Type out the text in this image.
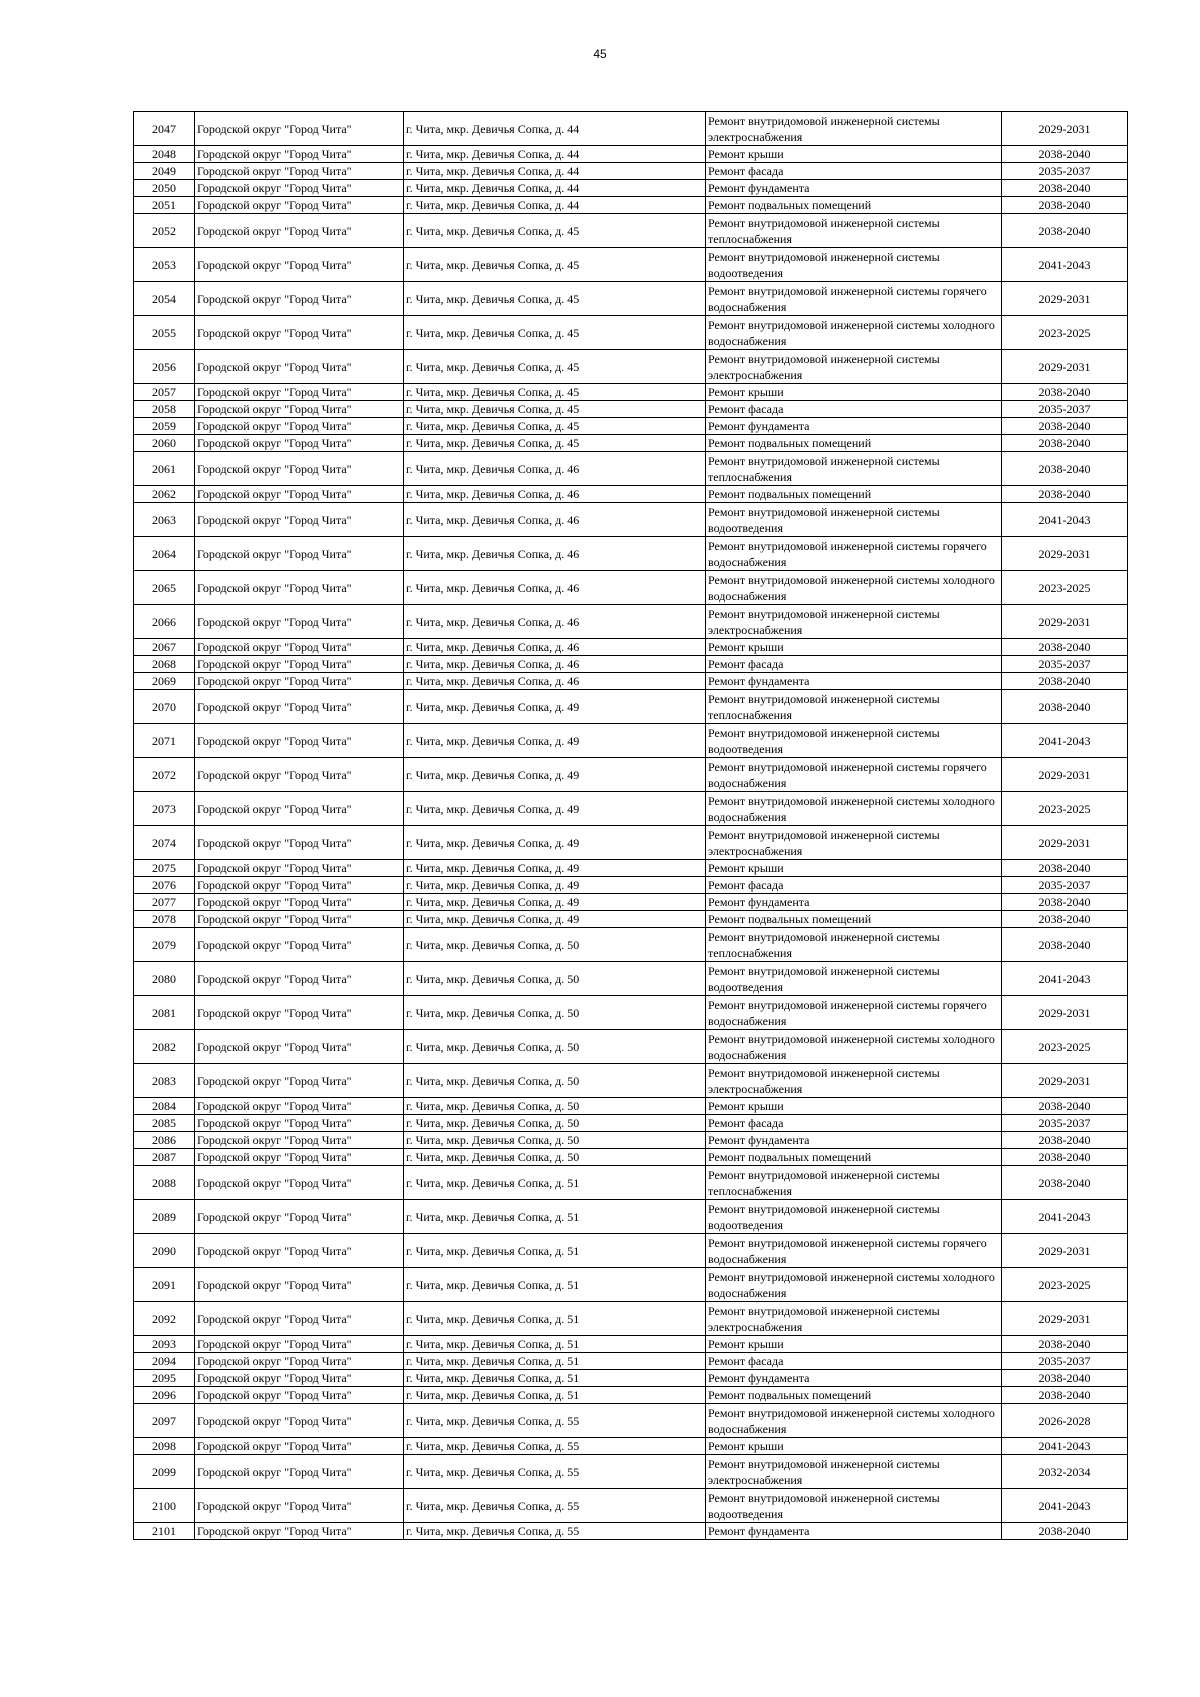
45
2047	Городской округ "Город Чита"	г. Чита, мкр. Девичья Сопка, д. 44	Ремонт внутридомовой инженерной системы электроснабжения	2029-2031
2048	Городской округ "Город Чита"	г. Чита, мкр. Девичья Сопка, д. 44	Ремонт крыши	2038-2040
2049	Городской округ "Город Чита"	г. Чита, мкр. Девичья Сопка, д. 44	Ремонт фасада	2035-2037
2050	Городской округ "Город Чита"	г. Чита, мкр. Девичья Сопка, д. 44	Ремонт фундамента	2038-2040
2051	Городской округ "Город Чита"	г. Чита, мкр. Девичья Сопка, д. 44	Ремонт подвальных помещений	2038-2040
2052	Городской округ "Город Чита"	г. Чита, мкр. Девичья Сопка, д. 45	Ремонт внутридомовой инженерной системы теплоснабжения	2038-2040
2053	Городской округ "Город Чита"	г. Чита, мкр. Девичья Сопка, д. 45	Ремонт внутридомовой инженерной системы водоотведения	2041-2043
2054	Городской округ "Город Чита"	г. Чита, мкр. Девичья Сопка, д. 45	Ремонт внутридомовой инженерной системы горячего водоснабжения	2029-2031
2055	Городской округ "Город Чита"	г. Чита, мкр. Девичья Сопка, д. 45	Ремонт внутридомовой инженерной системы холодного водоснабжения	2023-2025
2056	Городской округ "Город Чита"	г. Чита, мкр. Девичья Сопка, д. 45	Ремонт внутридомовой инженерной системы электроснабжения	2029-2031
2057	Городской округ "Город Чита"	г. Чита, мкр. Девичья Сопка, д. 45	Ремонт крыши	2038-2040
2058	Городской округ "Город Чита"	г. Чита, мкр. Девичья Сопка, д. 45	Ремонт фасада	2035-2037
2059	Городской округ "Город Чита"	г. Чита, мкр. Девичья Сопка, д. 45	Ремонт фундамента	2038-2040
2060	Городской округ "Город Чита"	г. Чита, мкр. Девичья Сопка, д. 45	Ремонт подвальных помещений	2038-2040
2061	Городской округ "Город Чита"	г. Чита, мкр. Девичья Сопка, д. 46	Ремонт внутридомовой инженерной системы теплоснабжения	2038-2040
2062	Городской округ "Город Чита"	г. Чита, мкр. Девичья Сопка, д. 46	Ремонт подвальных помещений	2038-2040
2063	Городской округ "Город Чита"	г. Чита, мкр. Девичья Сопка, д. 46	Ремонт внутридомовой инженерной системы водоотведения	2041-2043
2064	Городской округ "Город Чита"	г. Чита, мкр. Девичья Сопка, д. 46	Ремонт внутридомовой инженерной системы горячего водоснабжения	2029-2031
2065	Городской округ "Город Чита"	г. Чита, мкр. Девичья Сопка, д. 46	Ремонт внутридомовой инженерной системы холодного водоснабжения	2023-2025
2066	Городской округ "Город Чита"	г. Чита, мкр. Девичья Сопка, д. 46	Ремонт внутридомовой инженерной системы электроснабжения	2029-2031
2067	Городской округ "Город Чита"	г. Чита, мкр. Девичья Сопка, д. 46	Ремонт крыши	2038-2040
2068	Городской округ "Город Чита"	г. Чита, мкр. Девичья Сопка, д. 46	Ремонт фасада	2035-2037
2069	Городской округ "Город Чита"	г. Чита, мкр. Девичья Сопка, д. 46	Ремонт фундамента	2038-2040
2070	Городской округ "Город Чита"	г. Чита, мкр. Девичья Сопка, д. 49	Ремонт внутридомовой инженерной системы теплоснабжения	2038-2040
2071	Городской округ "Город Чита"	г. Чита, мкр. Девичья Сопка, д. 49	Ремонт внутридомовой инженерной системы водоотведения	2041-2043
2072	Городской округ "Город Чита"	г. Чита, мкр. Девичья Сопка, д. 49	Ремонт внутридомовой инженерной системы горячего водоснабжения	2029-2031
2073	Городской округ "Город Чита"	г. Чита, мкр. Девичья Сопка, д. 49	Ремонт внутридомовой инженерной системы холодного водоснабжения	2023-2025
2074	Городской округ "Город Чита"	г. Чита, мкр. Девичья Сопка, д. 49	Ремонт внутридомовой инженерной системы электроснабжения	2029-2031
2075	Городской округ "Город Чита"	г. Чита, мкр. Девичья Сопка, д. 49	Ремонт крыши	2038-2040
2076	Городской округ "Город Чита"	г. Чита, мкр. Девичья Сопка, д. 49	Ремонт фасада	2035-2037
2077	Городской округ "Город Чита"	г. Чита, мкр. Девичья Сопка, д. 49	Ремонт фундамента	2038-2040
2078	Городской округ "Город Чита"	г. Чита, мкр. Девичья Сопка, д. 49	Ремонт подвальных помещений	2038-2040
2079	Городской округ "Город Чита"	г. Чита, мкр. Девичья Сопка, д. 50	Ремонт внутридомовой инженерной системы теплоснабжения	2038-2040
2080	Городской округ "Город Чита"	г. Чита, мкр. Девичья Сопка, д. 50	Ремонт внутридомовой инженерной системы водоотведения	2041-2043
2081	Городской округ "Город Чита"	г. Чита, мкр. Девичья Сопка, д. 50	Ремонт внутридомовой инженерной системы горячего водоснабжения	2029-2031
2082	Городской округ "Город Чита"	г. Чита, мкр. Девичья Сопка, д. 50	Ремонт внутридомовой инженерной системы холодного водоснабжения	2023-2025
2083	Городской округ "Город Чита"	г. Чита, мкр. Девичья Сопка, д. 50	Ремонт внутридомовой инженерной системы электроснабжения	2029-2031
2084	Городской округ "Город Чита"	г. Чита, мкр. Девичья Сопка, д. 50	Ремонт крыши	2038-2040
2085	Городской округ "Город Чита"	г. Чита, мкр. Девичья Сопка, д. 50	Ремонт фасада	2035-2037
2086	Городской округ "Город Чита"	г. Чита, мкр. Девичья Сопка, д. 50	Ремонт фундамента	2038-2040
2087	Городской округ "Город Чита"	г. Чита, мкр. Девичья Сопка, д. 50	Ремонт подвальных помещений	2038-2040
2088	Городской округ "Город Чита"	г. Чита, мкр. Девичья Сопка, д. 51	Ремонт внутридомовой инженерной системы теплоснабжения	2038-2040
2089	Городской округ "Город Чита"	г. Чита, мкр. Девичья Сопка, д. 51	Ремонт внутридомовой инженерной системы водоотведения	2041-2043
2090	Городской округ "Город Чита"	г. Чита, мкр. Девичья Сопка, д. 51	Ремонт внутридомовой инженерной системы горячего водоснабжения	2029-2031
2091	Городской округ "Город Чита"	г. Чита, мкр. Девичья Сопка, д. 51	Ремонт внутридомовой инженерной системы холодного водоснабжения	2023-2025
2092	Городской округ "Город Чита"	г. Чита, мкр. Девичья Сопка, д. 51	Ремонт внутридомовой инженерной системы электроснабжения	2029-2031
2093	Городской округ "Город Чита"	г. Чита, мкр. Девичья Сопка, д. 51	Ремонт крыши	2038-2040
2094	Городской округ "Город Чита"	г. Чита, мкр. Девичья Сопка, д. 51	Ремонт фасада	2035-2037
2095	Городской округ "Город Чита"	г. Чита, мкр. Девичья Сопка, д. 51	Ремонт фундамента	2038-2040
2096	Городской округ "Город Чита"	г. Чита, мкр. Девичья Сопка, д. 51	Ремонт подвальных помещений	2038-2040
2097	Городской округ "Город Чита"	г. Чита, мкр. Девичья Сопка, д. 55	Ремонт внутридомовой инженерной системы холодного водоснабжения	2026-2028
2098	Городской округ "Город Чита"	г. Чита, мкр. Девичья Сопка, д. 55	Ремонт крыши	2041-2043
2099	Городской округ "Город Чита"	г. Чита, мкр. Девичья Сопка, д. 55	Ремонт внутридомовой инженерной системы электроснабжения	2032-2034
2100	Городской округ "Город Чита"	г. Чита, мкр. Девичья Сопка, д. 55	Ремонт внутридомовой инженерной системы водоотведения	2041-2043
2101	Городской округ "Город Чита"	г. Чита, мкр. Девичья Сопка, д. 55	Ремонт фундамента	2038-2040
